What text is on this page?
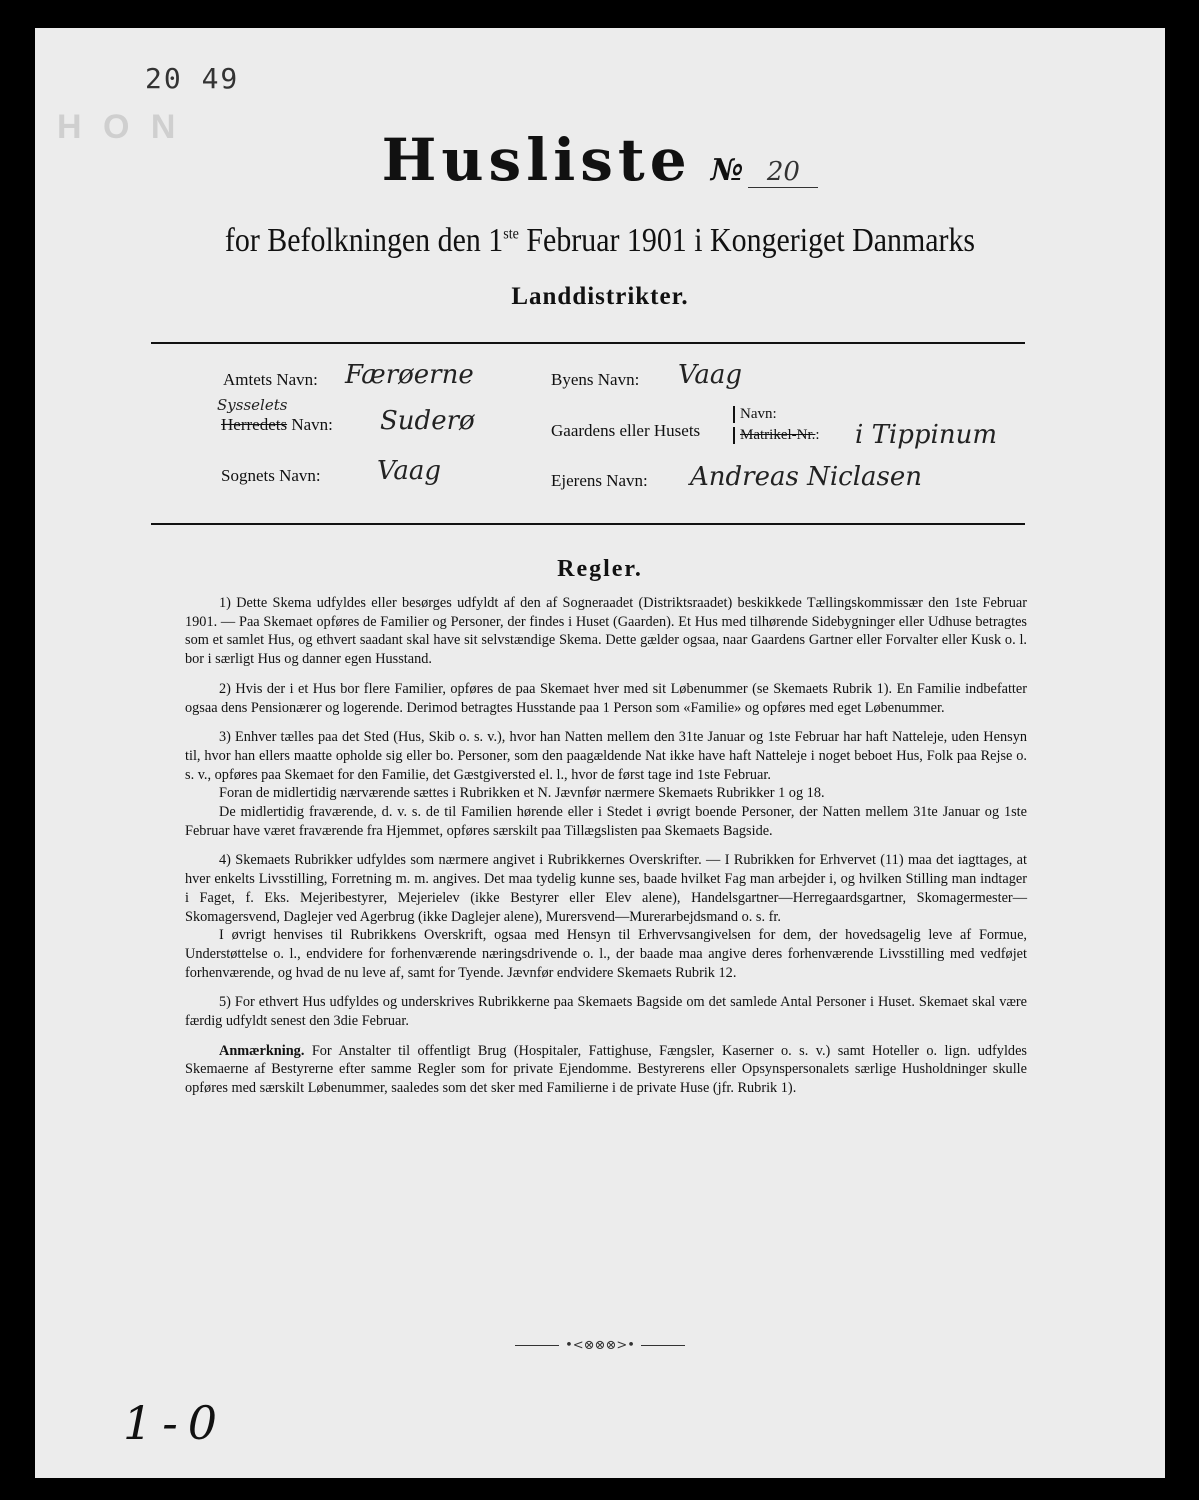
20 49
H O N	Husliste № 20
for Befolkningen den 1ste Februar 1901 i Kongeriget Danmarks
Landdistrikter.
Amtets Navn: Færøerne
Sysselets
Herredets Navn: Suderø
Sognets Navn: Vaag
Byens Navn: Vaag
Gaardens eller Husets
Navn:
Matrikel-Nr.: i Tippinum
Ejerens Navn: Andreas Niclasen
Regler.

1) Dette Skema udfyldes eller besørges udfyldt af den af Sogneraadet (Distriktsraadet) beskikkede Tællingskommissær den 1ste Februar 1901. — Paa Skemaet opføres de Familier og Personer, der findes i Huset (Gaarden). Et Hus med tilhørende Sidebygninger eller Udhuse betragtes som et samlet Hus, og ethvert saadant skal have sit selvstændige Skema. Dette gælder ogsaa, naar Gaardens Gartner eller Forvalter eller Kusk o. l. bor i særligt Hus og danner egen Husstand.

2) Hvis der i et Hus bor flere Familier, opføres de paa Skemaet hver med sit Løbenummer (se Skemaets Rubrik 1). En Familie indbefatter ogsaa dens Pensionærer og logerende. Derimod betragtes Husstande paa 1 Person som «Familie» og opføres med eget Løbenummer.

3) Enhver tælles paa det Sted (Hus, Skib o. s. v.), hvor han Natten mellem den 31te Januar og 1ste Februar har haft Natteleje, uden Hensyn til, hvor han ellers maatte opholde sig eller bo. Personer, som den paagældende Nat ikke have haft Natteleje i noget beboet Hus, Folk paa Rejse o. s. v., opføres paa Skemaet for den Familie, det Gæstgiversted el. l., hvor de først tage ind 1ste Februar.

Foran de midlertidig nærværende sættes i Rubrikken et N. Jævnfør nærmere Skemaets Rubrikker 1 og 18.

De midlertidig fraværende, d. v. s. de til Familien hørende eller i Stedet i øvrigt boende Personer, der Natten mellem 31te Januar og 1ste Februar have været fraværende fra Hjemmet, opføres særskilt paa Tillægslisten paa Skemaets Bagside.

4) Skemaets Rubrikker udfyldes som nærmere angivet i Rubrikkernes Overskrifter. — I Rubrikken for Erhvervet (11) maa det iagttages, at hver enkelts Livsstilling, Forretning m. m. angives. Det maa tydelig kunne ses, baade hvilket Fag man arbejder i, og hvilken Stilling man indtager i Faget, f. Eks. Mejeribestyrer, Mejerielev (ikke Bestyrer eller Elev alene), Handelsgartner—Herregaardsgartner, Skomagermester—Skomagersvend, Daglejer ved Agerbrug (ikke Daglejer alene), Murersvend—Murerarbejdsmand o. s. fr.

I øvrigt henvises til Rubrikkens Overskrift, ogsaa med Hensyn til Erhvervsangivelsen for dem, der hovedsagelig leve af Formue, Understøttelse o. l., endvidere for forhenværende næringsdrivende o. l., der baade maa angive deres forhenværende Livsstilling med vedføjet forhenværende, og hvad de nu leve af, samt for Tyende. Jævnfør endvidere Skemaets Rubrik 12.

5) For ethvert Hus udfyldes og underskrives Rubrikkerne paa Skemaets Bagside om det samlede Antal Personer i Huset. Skemaet skal være færdig udfyldt senest den 3die Februar.

Anmærkning. For Anstalter til offentligt Brug (Hospitaler, Fattighuse, Fængsler, Kaserner o. s. v.) samt Hoteller o. lign. udfyldes Skemaerne af Bestyrerne efter samme Regler som for private Ejendomme. Bestyrerens eller Opsynspersonalets særlige Husholdninger skulle opføres med særskilt Løbenummer, saaledes som det sker med Familierne i de private Huse (jfr. Rubrik 1).

•<⊗⊗⊗>•
1-0
